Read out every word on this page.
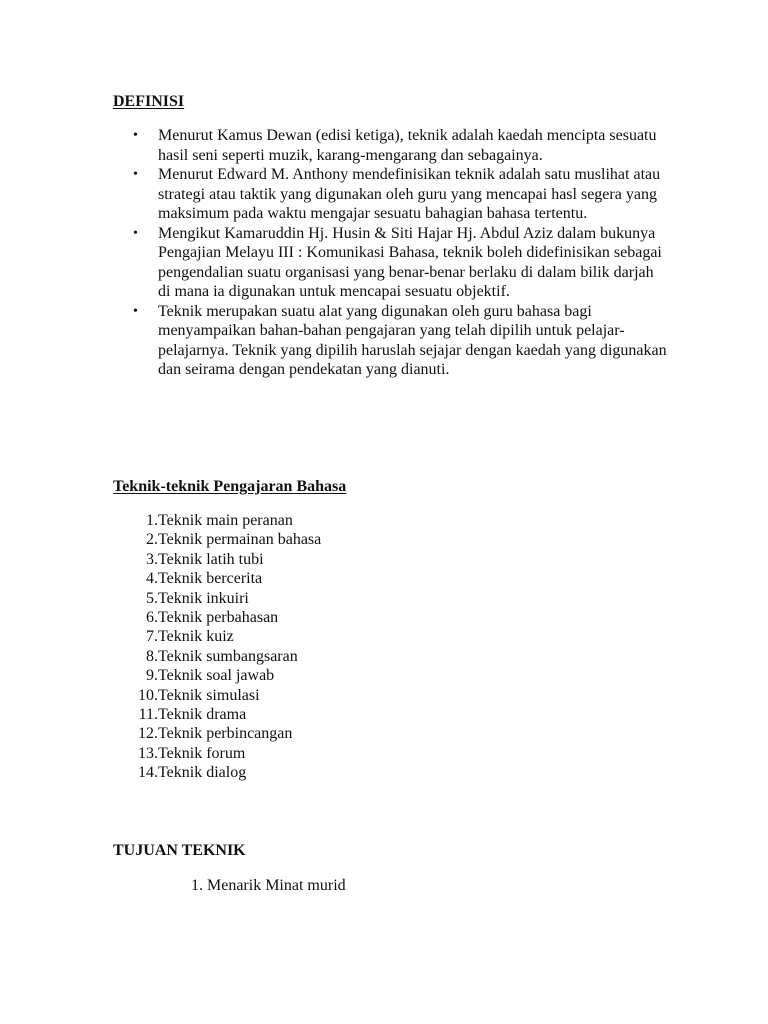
DEFINISI
• Menurut Kamus Dewan (edisi ketiga), teknik adalah kaedah mencipta sesuatu hasil seni seperti muzik, karang-mengarang dan sebagainya.
• Menurut Edward M. Anthony mendefinisikan teknik adalah satu muslihat atau strategi atau taktik yang digunakan oleh guru yang mencapai hasl segera yang maksimum pada waktu mengajar sesuatu bahagian bahasa tertentu.
• Mengikut Kamaruddin Hj. Husin & Siti Hajar Hj. Abdul Aziz dalam bukunya Pengajian Melayu III : Komunikasi Bahasa, teknik boleh didefinisikan sebagai pengendalian suatu organisasi yang benar-benar berlaku di dalam bilik darjah di mana ia digunakan untuk mencapai sesuatu objektif.
• Teknik merupakan suatu alat yang digunakan oleh guru bahasa bagi menyampaikan bahan-bahan pengajaran yang telah dipilih untuk pelajar-pelajarnya. Teknik yang dipilih haruslah sejajar dengan kaedah yang digunakan dan seirama dengan pendekatan yang dianuti.
Teknik-teknik Pengajaran Bahasa
1.Teknik main peranan
2.Teknik permainan bahasa
3.Teknik latih tubi
4.Teknik bercerita
5.Teknik inkuiri
6.Teknik perbahasan
7.Teknik kuiz
8.Teknik sumbangsaran
9.Teknik soal jawab
10.Teknik simulasi
11.Teknik drama
12.Teknik perbincangan
13.Teknik forum
14.Teknik dialog
TUJUAN TEKNIK
1. Menarik Minat murid
